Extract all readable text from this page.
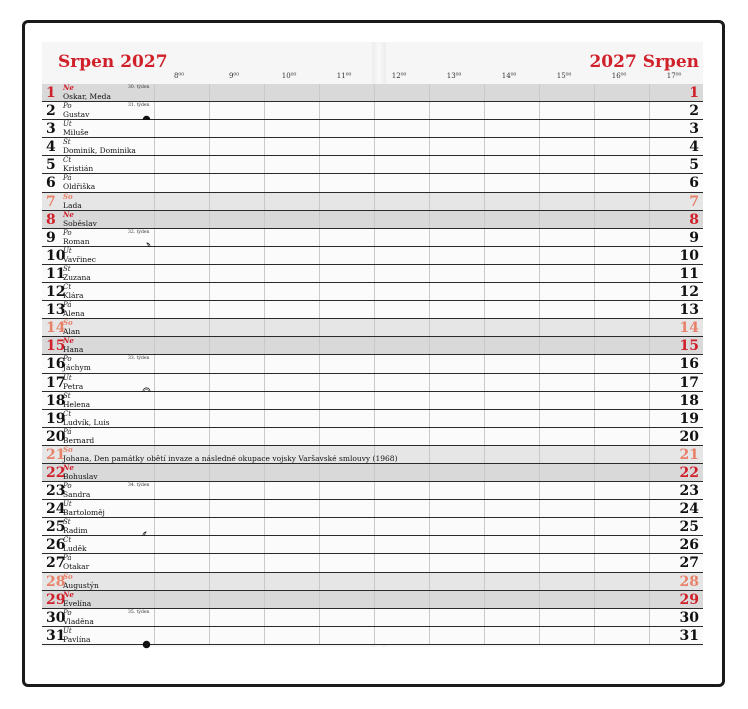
Srpen 2027	2027 Srpen
8⁰⁰	9⁰⁰	10⁰⁰	11⁰⁰	12⁰⁰	13⁰⁰	14⁰⁰	15⁰⁰	16⁰⁰	17⁰⁰
1 Ne
Oskar, Meda
30. týden	1
2 Po
Gustav
31. týden	2
3 Út
Miluše	3
4 St
Dominik, Dominika	4
5 Čt
Kristián	5
6 Pá
Oldřiška	6
7 So
Lada	7
8 Ne
Soběslav	8
9 Po
Roman
32. týden	9
10
Út
Vavřinec	10
11
St
Zuzana	11
12
Čt
Klára	12
13
Pá
Alena	13
14
So
Alan	14
15
Ne
Hana	15
16
Po
Jáchym
33. týden	16
17
Út
Petra	17
18
St
Helena	18
19
Čt
Ludvík, Luis	19
20
Pá
Bernard	20
21
So
Johana, Den památky obětí invaze a následné okupace vojsky Varšavské smlouvy (1968)	21
22
Ne
Bohuslav	22
23
Po
Sandra
34. týden	23
24
Út
Bartoloměj	24
25
St
Radim	25
26
Čt
Luděk	26
27
Pá
Otakar	27
28
So
Augustýn	28
29
Ne
Evelína	29
30
Po
Vladěna
35. týden	30
31
Út
Pavlína	31
